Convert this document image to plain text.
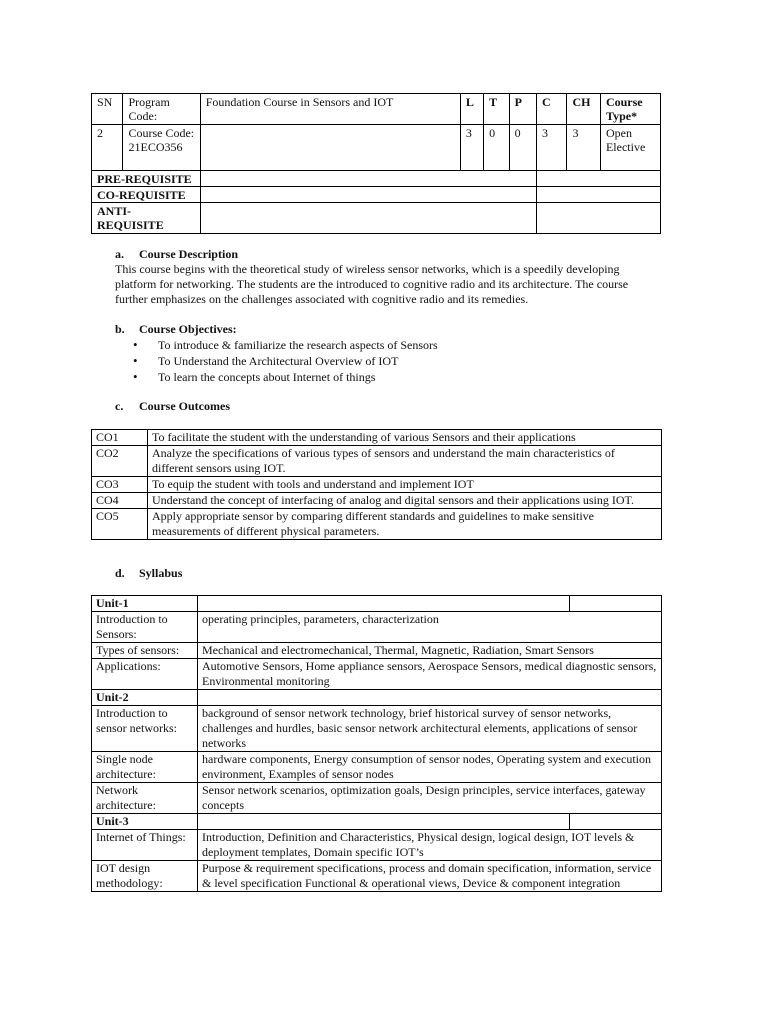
SN	Program Code:	Foundation Course in Sensors and IOT	L	T	P	C	CH	Course Type*
2	Course Code: 21ECO356		3	0	0	3	3	Open Elective
PRE-REQUISITE								
CO-REQUISITE								
ANTI-REQUISITE								
a. Course Description
This course begins with the theoretical study of wireless sensor networks, which is a speedily developing platform for networking. The students are the introduced to cognitive radio and its architecture. The course further emphasizes on the challenges associated with cognitive radio and its remedies.
b. Course Objectives:
• To introduce & familiarize the research aspects of Sensors
• To Understand the Architectural Overview of IOT
• To learn the concepts about Internet of things
c. Course Outcomes
CO1	To facilitate the student with the understanding of various Sensors and their applications
CO2	Analyze the specifications of various types of sensors and understand the main characteristics of different sensors using IOT.
CO3	To equip the student with tools and understand and implement IOT
CO4	Understand the concept of interfacing of analog and digital sensors and their applications using IOT.
CO5	Apply appropriate sensor by comparing different standards and guidelines to make sensitive measurements of different physical parameters.
d. Syllabus
Unit-1		
Introduction to Sensors:	operating principles, parameters, characterization	
Types of sensors:	Mechanical and electromechanical, Thermal, Magnetic, Radiation, Smart Sensors	
Applications:	Automotive Sensors, Home appliance sensors, Aerospace Sensors, medical diagnostic sensors, Environmental monitoring	
Unit-2		
Introduction to sensor networks:	background of sensor network technology, brief historical survey of sensor networks, challenges and hurdles, basic sensor network architectural elements, applications of sensor networks	
Single node architecture:	hardware components, Energy consumption of sensor nodes, Operating system and execution environment, Examples of sensor nodes	
Network architecture:	Sensor network scenarios, optimization goals, Design principles, service interfaces, gateway concepts	
Unit-3		
Internet of Things:	Introduction, Definition and Characteristics, Physical design, logical design, IOT levels & deployment templates, Domain specific IOT’s	
IOT design methodology:	Purpose & requirement specifications, process and domain specification, information, service & level specification Functional & operational views, Device & component integration	
